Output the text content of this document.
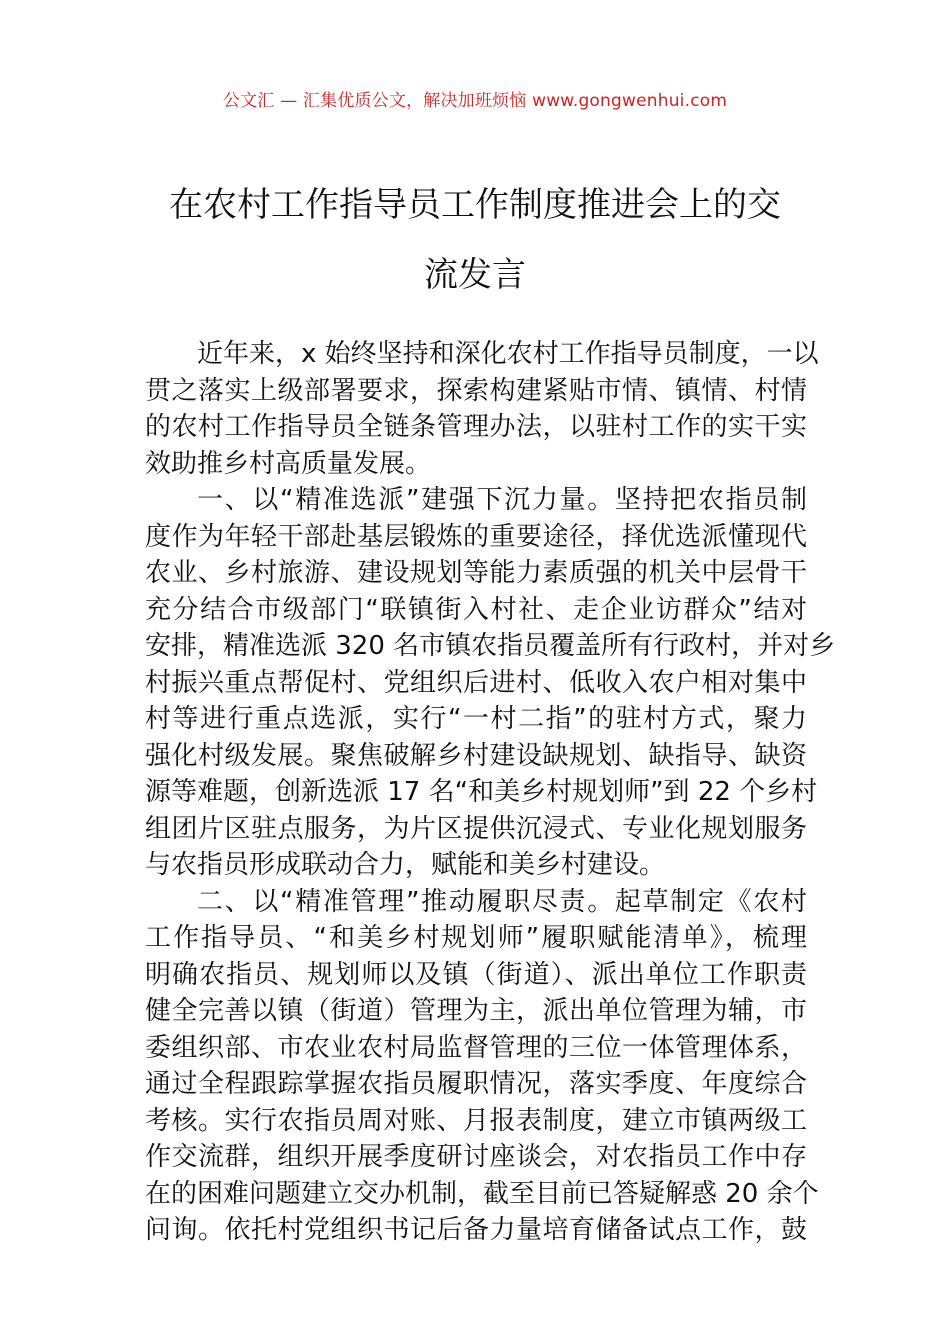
公文汇 — 汇集优质公文，解决加班烦恼 www.gongwenhui.com
在农村工作指导员工作制度推进会上的交
流发言
近年来，x 始终坚持和深化农村工作指导员制度，一以
贯之落实上级部署要求，探索构建紧贴市情、镇情、村情
的农村工作指导员全链条管理办法，以驻村工作的实干实
效助推乡村高质量发展。
一、以“精准选派”建强下沉力量。坚持把农指员制
度作为年轻干部赴基层锻炼的重要途径，择优选派懂现代
农业、乡村旅游、建设规划等能力素质强的机关中层骨干
充分结合市级部门“联镇街入村社、走企业访群众”结对
安排，精准选派 320 名市镇农指员覆盖所有行政村，并对乡
村振兴重点帮促村、党组织后进村、低收入农户相对集中
村等进行重点选派，实行“一村二指”的驻村方式，聚力
强化村级发展。聚焦破解乡村建设缺规划、缺指导、缺资
源等难题，创新选派 17 名“和美乡村规划师”到 22 个乡村
组团片区驻点服务，为片区提供沉浸式、专业化规划服务
与农指员形成联动合力，赋能和美乡村建设。
二、以“精准管理”推动履职尽责。起草制定《农村
工作指导员、“和美乡村规划师”履职赋能清单》，梳理
明确农指员、规划师以及镇（街道）、派出单位工作职责
健全完善以镇（街道）管理为主，派出单位管理为辅，市
委组织部、市农业农村局监督管理的三位一体管理体系，
通过全程跟踪掌握农指员履职情况，落实季度、年度综合
考核。实行农指员周对账、月报表制度，建立市镇两级工
作交流群，组织开展季度研讨座谈会，对农指员工作中存
在的困难问题建立交办机制，截至目前已答疑解惑 20 余个
问询。依托村党组织书记后备力量培育储备试点工作，鼓
